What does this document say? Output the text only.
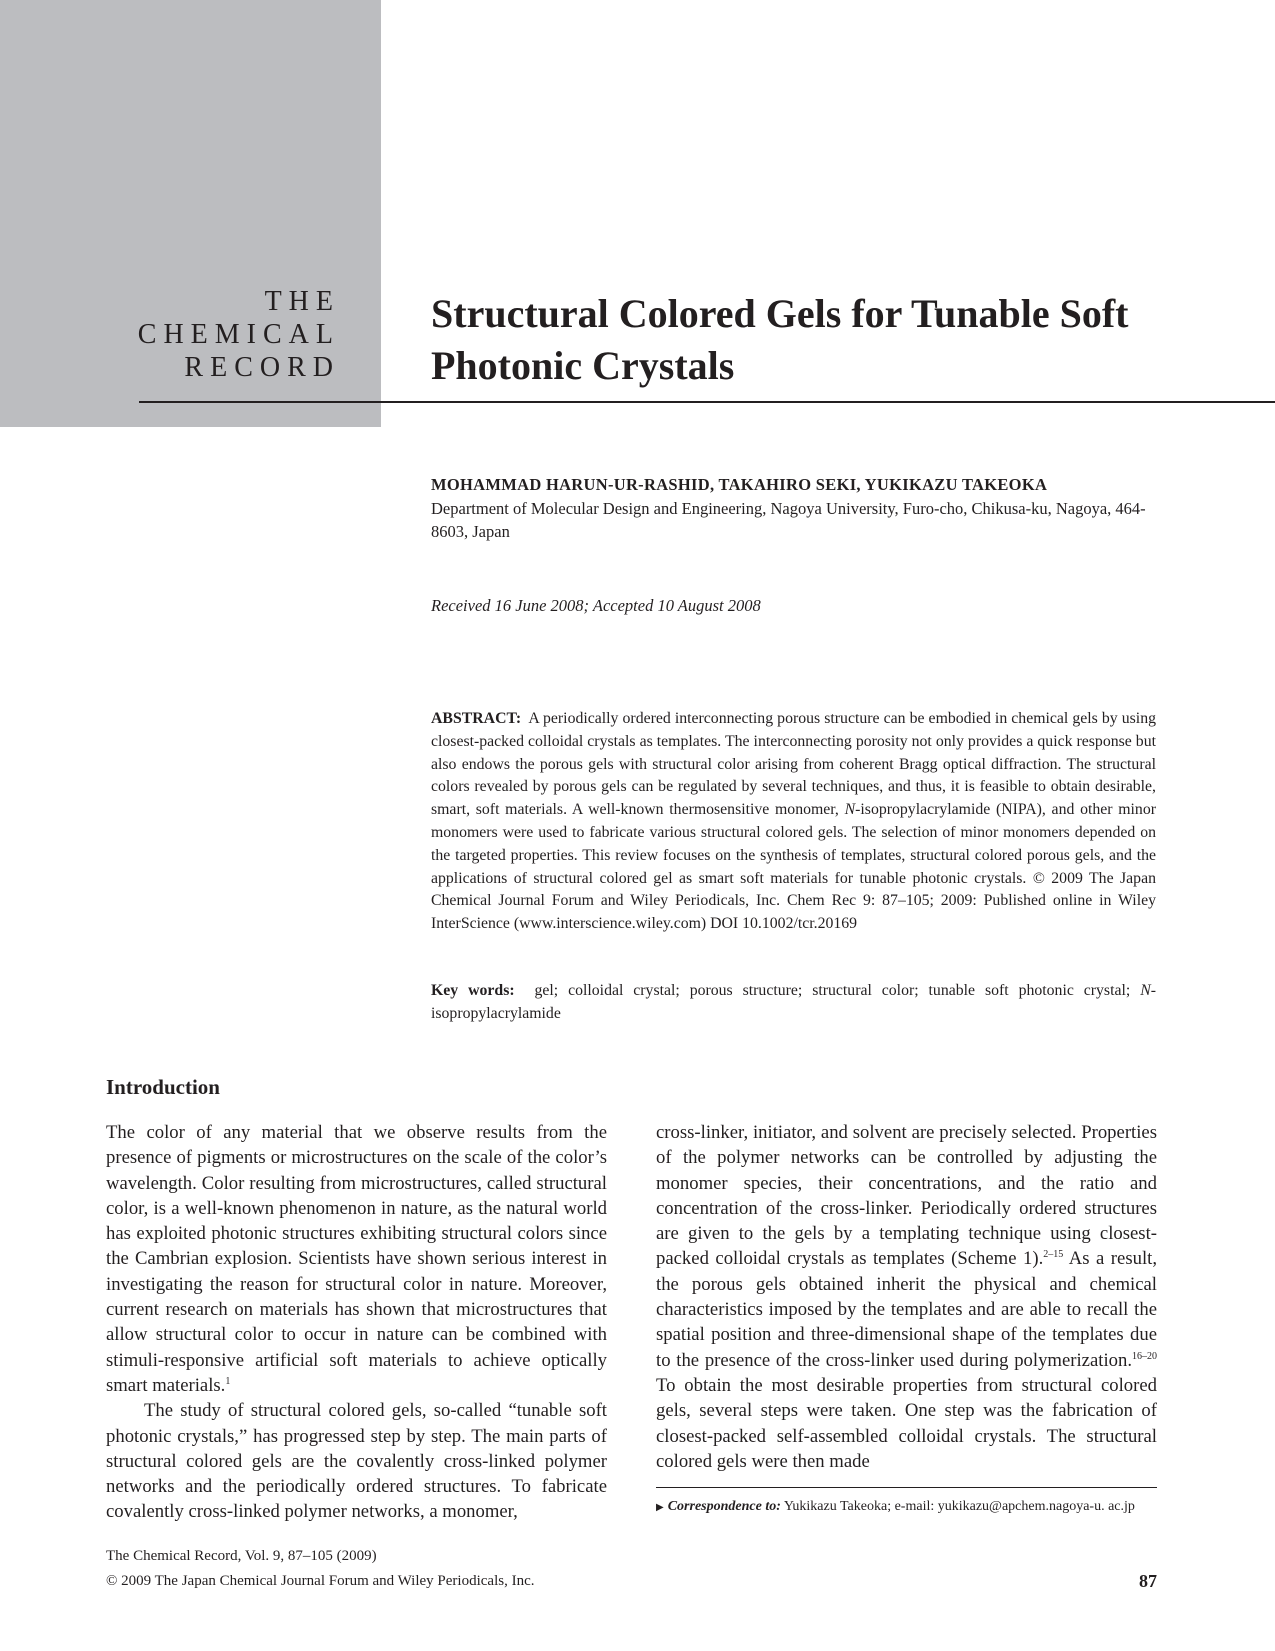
THE
CHEMICAL
RECORD
Structural Colored Gels for Tunable Soft
Photonic Crystals
MOHAMMAD HARUN-UR-RASHID, TAKAHIRO SEKI, YUKIKAZU TAKEOKA
Department of Molecular Design and Engineering, Nagoya University, Furo-cho, Chikusa-ku, Nagoya, 464-8603, Japan
Received 16 June 2008; Accepted 10 August 2008

ABSTRACT: A periodically ordered interconnecting porous structure can be embodied in chemical gels by using closest-packed colloidal crystals as templates. The interconnecting porosity not only provides a quick response but also endows the porous gels with structural color arising from coherent Bragg optical diffraction. The structural colors revealed by porous gels can be regulated by several techniques, and thus, it is feasible to obtain desirable, smart, soft materials. A well-known thermosensitive monomer, N-isopropylacrylamide (NIPA), and other minor monomers were used to fabricate various structural colored gels. The selection of minor monomers depended on the targeted properties. This review focuses on the synthesis of templates, structural colored porous gels, and the applications of structural colored gel as smart soft materials for tunable photonic crystals. © 2009 The Japan Chemical Journal Forum and Wiley Periodicals, Inc. Chem Rec 9: 87–105; 2009: Published online in Wiley InterScience (www.interscience.wiley.com) DOI 10.1002/tcr.20169

Key words: gel; colloidal crystal; porous structure; structural color; tunable soft photonic crystal; N-isopropylacrylamide

Introduction

The color of any material that we observe results from the presence of pigments or microstructures on the scale of the color’s wavelength. Color resulting from microstructures, called structural color, is a well-known phenomenon in nature, as the natural world has exploited photonic structures exhibiting structural colors since the Cambrian explosion. Scientists have shown serious interest in investigating the reason for structural color in nature. Moreover, current research on materials has shown that microstructures that allow structural color to occur in nature can be combined with stimuli-responsive artificial soft materials to achieve optically smart materials.$^1$

The study of structural colored gels, so-called “tunable soft photonic crystals,” has progressed step by step. The main parts of structural colored gels are the covalently cross-linked polymer networks and the periodically ordered structures. To fabricate covalently cross-linked polymer networks, a monomer,

cross-linker, initiator, and solvent are precisely selected. Properties of the polymer networks can be controlled by adjusting the monomer species, their concentrations, and the ratio and concentration of the cross-linker. Periodically ordered structures are given to the gels by a templating technique using closest-packed colloidal crystals as templates (Scheme 1).$^{2-15}$ As a result, the porous gels obtained inherit the physical and chemical characteristics imposed by the templates and are able to recall the spatial position and three-dimensional shape of the templates due to the presence of the cross-linker used during polymerization.$^{16-20}$ To obtain the most desirable properties from structural colored gels, several steps were taken. One step was the fabrication of closest-packed self-assembled colloidal crystals. The structural colored gels were then made

▶ Correspondence to: Yukikazu Takeoka; e-mail: yukikazu@apchem.nagoya-u. ac.jp
The Chemical Record, Vol. 9, 87–105 (2009)
© 2009 The Japan Chemical Journal Forum and Wiley Periodicals, Inc.	87
